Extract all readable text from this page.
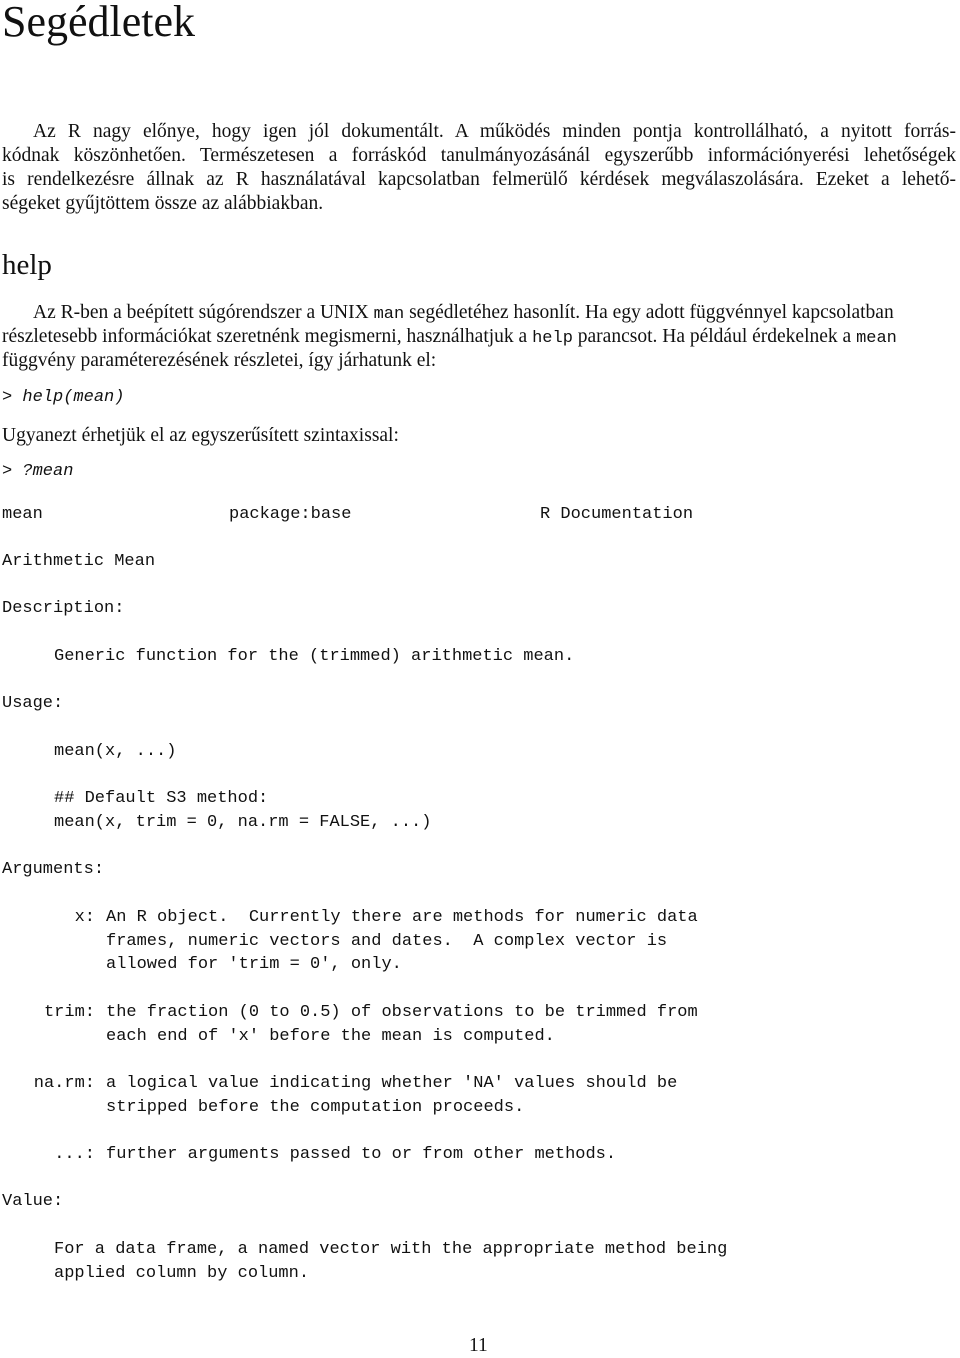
Segédletek
Az R nagy előnye, hogy igen jól dokumentált. A működés minden pontja kontrollálható, a nyitott forrás-
kódnak köszönhetően. Természetesen a forráskód tanulmányozásánál egyszerűbb információnyerési lehetőségek
is rendelkezésre állnak az R használatával kapcsolatban felmerülő kérdések megválaszolására. Ezeket a lehető-
ségeket gyűjtöttem össze az alábbiakban.
help
Az R-ben a beépített súgórendszer a UNIX man segédletéhez hasonlít. Ha egy adott függvénnyel kapcsolatban
részletesebb információkat szeretnénk megismerni, használhatjuk a help parancsot. Ha például érdekelnek a mean
függvény paraméterezésének részletei, így járhatunk el:
> help(mean)
Ugyanezt érhetjük el az egyszerűsített szintaxissal:
> ?mean
mean	package:base	R Documentation
Arithmetic Mean
Description:
Generic function for the (trimmed) arithmetic mean.
Usage:
mean(x, ...)
## Default S3 method:
mean(x, trim = 0, na.rm = FALSE, ...)
Arguments:
x: An R object.  Currently there are methods for numeric data
frames, numeric vectors and dates.  A complex vector is
allowed for 'trim = 0', only.
trim: the fraction (0 to 0.5) of observations to be trimmed from
each end of 'x' before the mean is computed.
na.rm: a logical value indicating whether 'NA' values should be
stripped before the computation proceeds.
...: further arguments passed to or from other methods.
Value:
For a data frame, a named vector with the appropriate method being
applied column by column.
11
